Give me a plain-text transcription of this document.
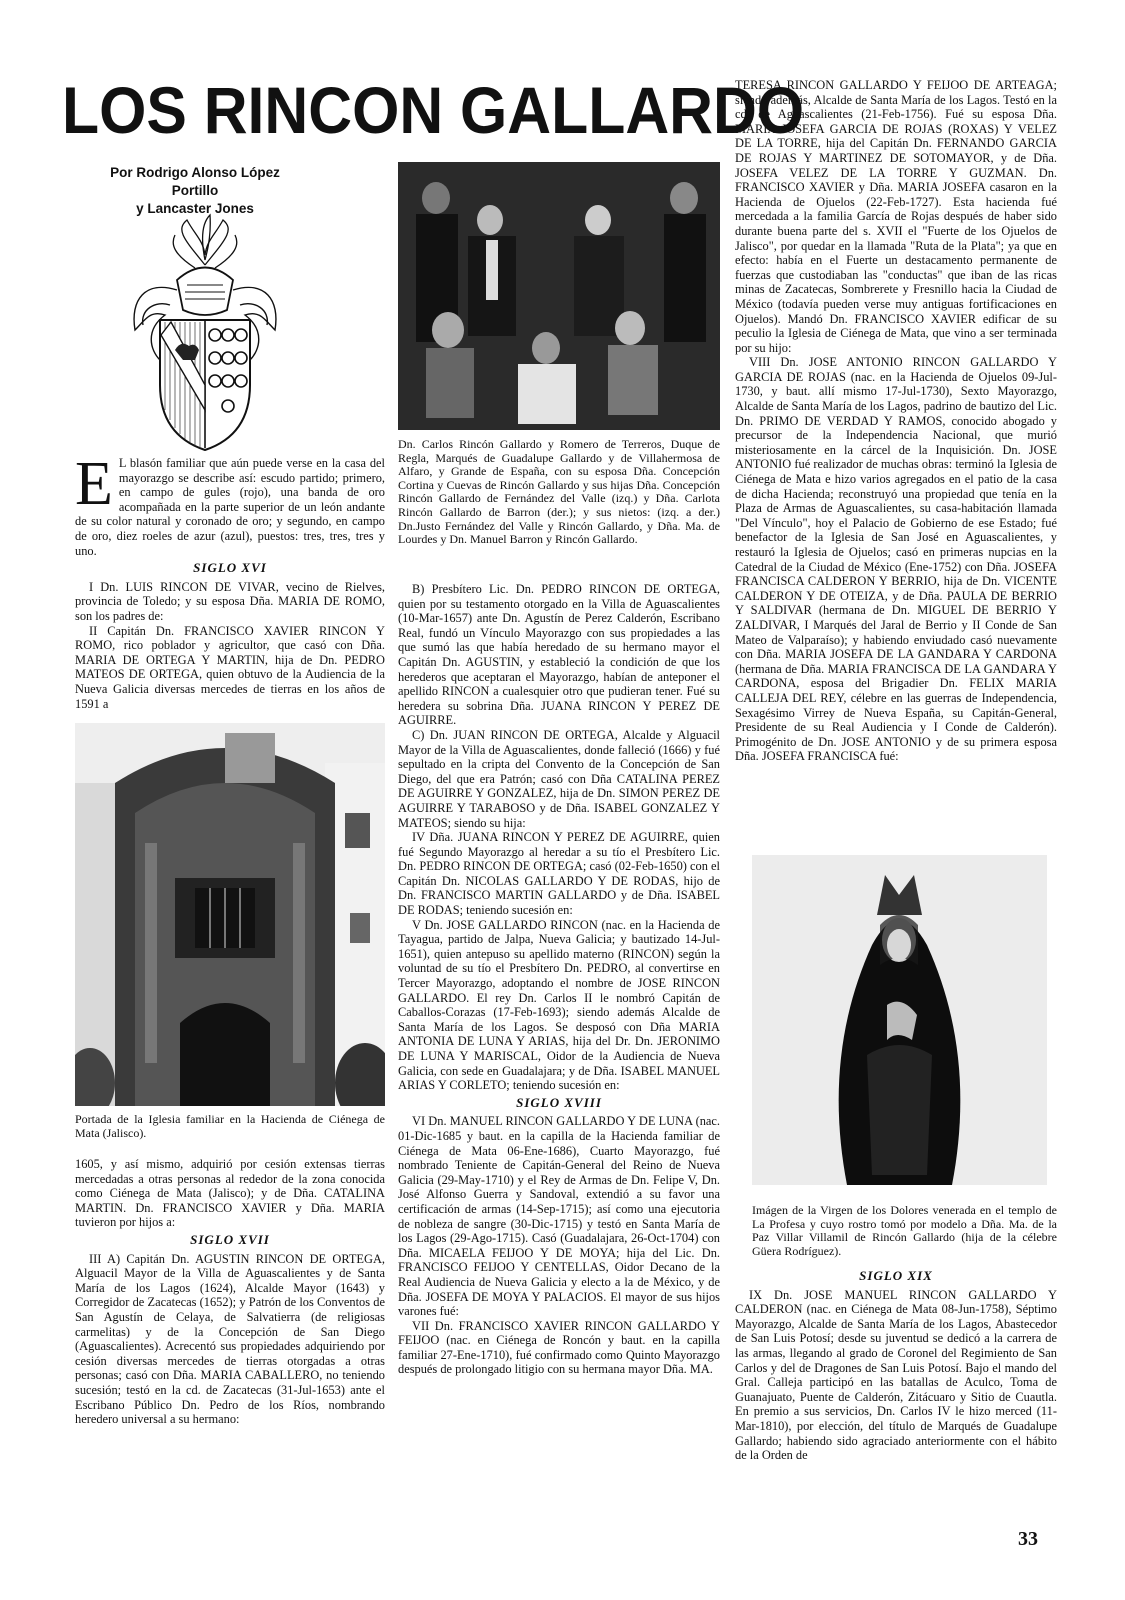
LOS RINCON GALLARDO
Por Rodrigo Alonso López Portillo
y Lancaster Jones

E L blasón familiar que aún puede verse en la casa del mayorazgo se describe así: escudo partido; primero, en campo de gules (rojo), una banda de oro acompañada en la parte superior de un león andante de su color natural y coronado de oro; y segundo, en campo de oro, diez roeles de azur (azul), puestos: tres, tres, tres y uno.

SIGLO XVI

I Dn. LUIS RINCON DE VIVAR, vecino de Rielves, provincia de Toledo; y su esposa Dña. MARIA DE ROMO, son los padres de:

II Capitán Dn. FRANCISCO XAVIER RINCON Y ROMO, rico poblador y agricultor, que casó con Dña. MARIA DE ORTEGA Y MARTIN, hija de Dn. PEDRO MATEOS DE ORTEGA, quien obtuvo de la Audiencia de la Nueva Galicia diversas mercedes de tierras en los años de 1591 a

Portada de la Iglesia familiar en la Hacienda de Ciénega de Mata (Jalisco).

1605, y así mismo, adquirió por cesión extensas tierras mercedadas a otras personas al rededor de la zona conocida como Ciénega de Mata (Jalisco); y de Dña. CATALINA MARTIN. Dn. FRANCISCO XAVIER y Dña. MARIA tuvieron por hijos a:

SIGLO XVII

III A) Capitán Dn. AGUSTIN RINCON DE ORTEGA, Alguacil Mayor de la Villa de Aguascalientes y de Santa María de los Lagos (1624), Alcalde Mayor (1643) y Corregidor de Zacatecas (1652); y Patrón de los Conventos de San Agustín de Celaya, de Salvatierra (de religiosas carmelitas) y de la Concepción de San Diego (Aguascalientes). Acrecentó sus propiedades adquiriendo por cesión diversas mercedes de tierras otorgadas a otras personas; casó con Dña. MARIA CABALLERO, no teniendo sucesión; testó en la cd. de Zacatecas (31-Jul-1653) ante el Escribano Público Dn. Pedro de los Ríos, nombrando heredero universal a su hermano:

Dn. Carlos Rincón Gallardo y Romero de Terreros, Duque de Regla, Marqués de Guadalupe Gallardo y de Villahermosa de Alfaro, y Grande de España, con su esposa Dña. Concepción Cortina y Cuevas de Rincón Gallardo y sus hijas Dña. Concepción Rincón Gallardo de Fernández del Valle (izq.) y Dña. Carlota Rincón Gallardo de Barron (der.); y sus nietos: (izq. a der.) Dn.Justo Fernández del Valle y Rincón Gallardo, y Dña. Ma. de Lourdes y Dn. Manuel Barron y Rincón Gallardo.

B) Presbítero Lic. Dn. PEDRO RINCON DE ORTEGA, quien por su testamento otorgado en la Villa de Aguascalientes (10-Mar-1657) ante Dn. Agustín de Perez Calderón, Escribano Real, fundó un Vínculo Mayorazgo con sus propiedades a las que sumó las que había heredado de su hermano mayor el Capitán Dn. AGUSTIN, y estableció la condición de que los herederos que aceptaran el Mayorazgo, habían de anteponer el apellido RINCON a cualesquier otro que pudieran tener. Fué su heredera su sobrina Dña. JUANA RINCON Y PEREZ DE AGUIRRE.

C) Dn. JUAN RINCON DE ORTEGA, Alcalde y Alguacil Mayor de la Villa de Aguascalientes, donde falleció (1666) y fué sepultado en la cripta del Convento de la Concepción de San Diego, del que era Patrón; casó con Dña CATALINA PEREZ DE AGUIRRE Y GONZALEZ, hija de Dn. SIMON PEREZ DE AGUIRRE Y TARABOSO y de Dña. ISABEL GONZALEZ Y MATEOS; siendo su hija:

IV Dña. JUANA RINCON Y PEREZ DE AGUIRRE, quien fué Segundo Mayorazgo al heredar a su tío el Presbítero Lic. Dn. PEDRO RINCON DE ORTEGA; casó (02-Feb-1650) con el Capitán Dn. NICOLAS GALLARDO Y DE RODAS, hijo de Dn. FRANCISCO MARTIN GALLARDO y de Dña. ISABEL DE RODAS; teniendo sucesión en:

V Dn. JOSE GALLARDO RINCON (nac. en la Hacienda de Tayagua, partido de Jalpa, Nueva Galicia; y bautizado 14-Jul-1651), quien antepuso su apellido materno (RINCON) según la voluntad de su tío el Presbítero Dn. PEDRO, al convertirse en Tercer Mayorazgo, adoptando el nombre de JOSE RINCON GALLARDO. El rey Dn. Carlos II le nombró Capitán de Caballos-Corazas (17-Feb-1693); siendo además Alcalde de Santa María de los Lagos. Se desposó con Dña MARIA ANTONIA DE LUNA Y ARIAS, hija del Dr. Dn. JERONIMO DE LUNA Y MARISCAL, Oidor de la Audiencia de Nueva Galicia, con sede en Guadalajara; y de Dña. ISABEL MANUEL ARIAS Y CORLETO; teniendo sucesión en:

SIGLO XVIII

VI Dn. MANUEL RINCON GALLARDO Y DE LUNA (nac. 01-Dic-1685 y baut. en la capilla de la Hacienda familiar de Ciénega de Mata 06-Ene-1686), Cuarto Mayorazgo, fué nombrado Teniente de Capitán-General del Reino de Nueva Galicia (29-May-1710) y el Rey de Armas de Dn. Felipe V, Dn. José Alfonso Guerra y Sandoval, extendió a su favor una certificación de armas (14-Sep-1715); así como una ejecutoria de nobleza de sangre (30-Dic-1715) y testó en Santa María de los Lagos (29-Ago-1715). Casó (Guadalajara, 26-Oct-1704) con Dña. MICAELA FEIJOO Y DE MOYA; hija del Lic. Dn. FRANCISCO FEIJOO Y CENTELLAS, Oidor Decano de la Real Audiencia de Nueva Galicia y electo a la de México, y de Dña. JOSEFA DE MOYA Y PALACIOS. El mayor de sus hijos varones fué:

VII Dn. FRANCISCO XAVIER RINCON GALLARDO Y FEIJOO (nac. en Ciénega de Roncón y baut. en la capilla familiar 27-Ene-1710), fué confirmado como Quinto Mayorazgo después de prolongado litigio con su hermana mayor Dña. MA.

TERESA RINCON GALLARDO Y FEIJOO DE ARTEAGA; siendo además, Alcalde de Santa María de los Lagos. Testó en la cd. de Aguascalientes (21-Feb-1756). Fué su esposa Dña. MARIA JOSEFA GARCIA DE ROJAS (ROXAS) Y VELEZ DE LA TORRE, hija del Capitán Dn. FERNANDO GARCIA DE ROJAS Y MARTINEZ DE SOTOMAYOR, y de Dña. JOSEFA VELEZ DE LA TORRE Y GUZMAN. Dn. FRANCISCO XAVIER y Dña. MARIA JOSEFA casaron en la Hacienda de Ojuelos (22-Feb-1727). Esta hacienda fué mercedada a la familia García de Rojas después de haber sido durante buena parte del s. XVII el "Fuerte de los Ojuelos de Jalisco", por quedar en la llamada "Ruta de la Plata"; ya que en efecto: había en el Fuerte un destacamento permanente de fuerzas que custodiaban las "conductas" que iban de las ricas minas de Zacatecas, Sombrerete y Fresnillo hacia la Ciudad de México (todavía pueden verse muy antiguas fortificaciones en Ojuelos). Mandó Dn. FRANCISCO XAVIER edificar de su peculio la Iglesia de Ciénega de Mata, que vino a ser terminada por su hijo:

VIII Dn. JOSE ANTONIO RINCON GALLARDO Y GARCIA DE ROJAS (nac. en la Hacienda de Ojuelos 09-Jul-1730, y baut. allí mismo 17-Jul-1730), Sexto Mayorazgo, Alcalde de Santa María de los Lagos, padrino de bautizo del Lic. Dn. PRIMO DE VERDAD Y RAMOS, conocido abogado y precursor de la Independencia Nacional, que murió misteriosamente en la cárcel de la Inquisición. Dn. JOSE ANTONIO fué realizador de muchas obras: terminó la Iglesia de Ciénega de Mata e hizo varios agregados en el patio de la casa de dicha Hacienda; reconstruyó una propiedad que tenía en la Plaza de Armas de Aguascalientes, su casa-habitación llamada "Del Vínculo", hoy el Palacio de Gobierno de ese Estado; fué benefactor de la Iglesia de San José en Aguascalientes, y restauró la Iglesia de Ojuelos; casó en primeras nupcias en la Catedral de la Ciudad de México (Ene-1752) con Dña. JOSEFA FRANCISCA CALDERON Y BERRIO, hija de Dn. VICENTE CALDERON Y DE OTEIZA, y de Dña. PAULA DE BERRIO Y SALDIVAR (hermana de Dn. MIGUEL DE BERRIO Y ZALDIVAR, I Marqués del Jaral de Berrio y II Conde de San Mateo de Valparaíso); y habiendo enviudado casó nuevamente con Dña. MARIA JOSEFA DE LA GANDARA Y CARDONA (hermana de Dña. MARIA FRANCISCA DE LA GANDARA Y CARDONA, esposa del Brigadier Dn. FELIX MARIA CALLEJA DEL REY, célebre en las guerras de Independencia, Sexagésimo Virrey de Nueva España, su Capitán-General, Presidente de su Real Audiencia y I Conde de Calderón). Primogénito de Dn. JOSE ANTONIO y de su primera esposa Dña. JOSEFA FRANCISCA fué:

Imágen de la Virgen de los Dolores venerada en el templo de La Profesa y cuyo rostro tomó por modelo a Dña. Ma. de la Paz Villar Villamil de Rincón Gallardo (hija de la célebre Güera Rodríguez).
SIGLO XIX

IX Dn. JOSE MANUEL RINCON GALLARDO Y CALDERON (nac. en Ciénega de Mata 08-Jun-1758), Séptimo Mayorazgo, Alcalde de Santa María de los Lagos, Abastecedor de San Luis Potosí; desde su juventud se dedicó a la carrera de las armas, llegando al grado de Coronel del Regimiento de San Carlos y del de Dragones de San Luis Potosí. Bajo el mando del Gral. Calleja participó en las batallas de Aculco, Toma de Guanajuato, Puente de Calderón, Zitácuaro y Sitio de Cuautla. En premio a sus servicios, Dn. Carlos IV le hizo merced (11-Mar-1810), por elección, del título de Marqués de Guadalupe Gallardo; habiendo sido agraciado anteriormente con el hábito de la Orden de

33
